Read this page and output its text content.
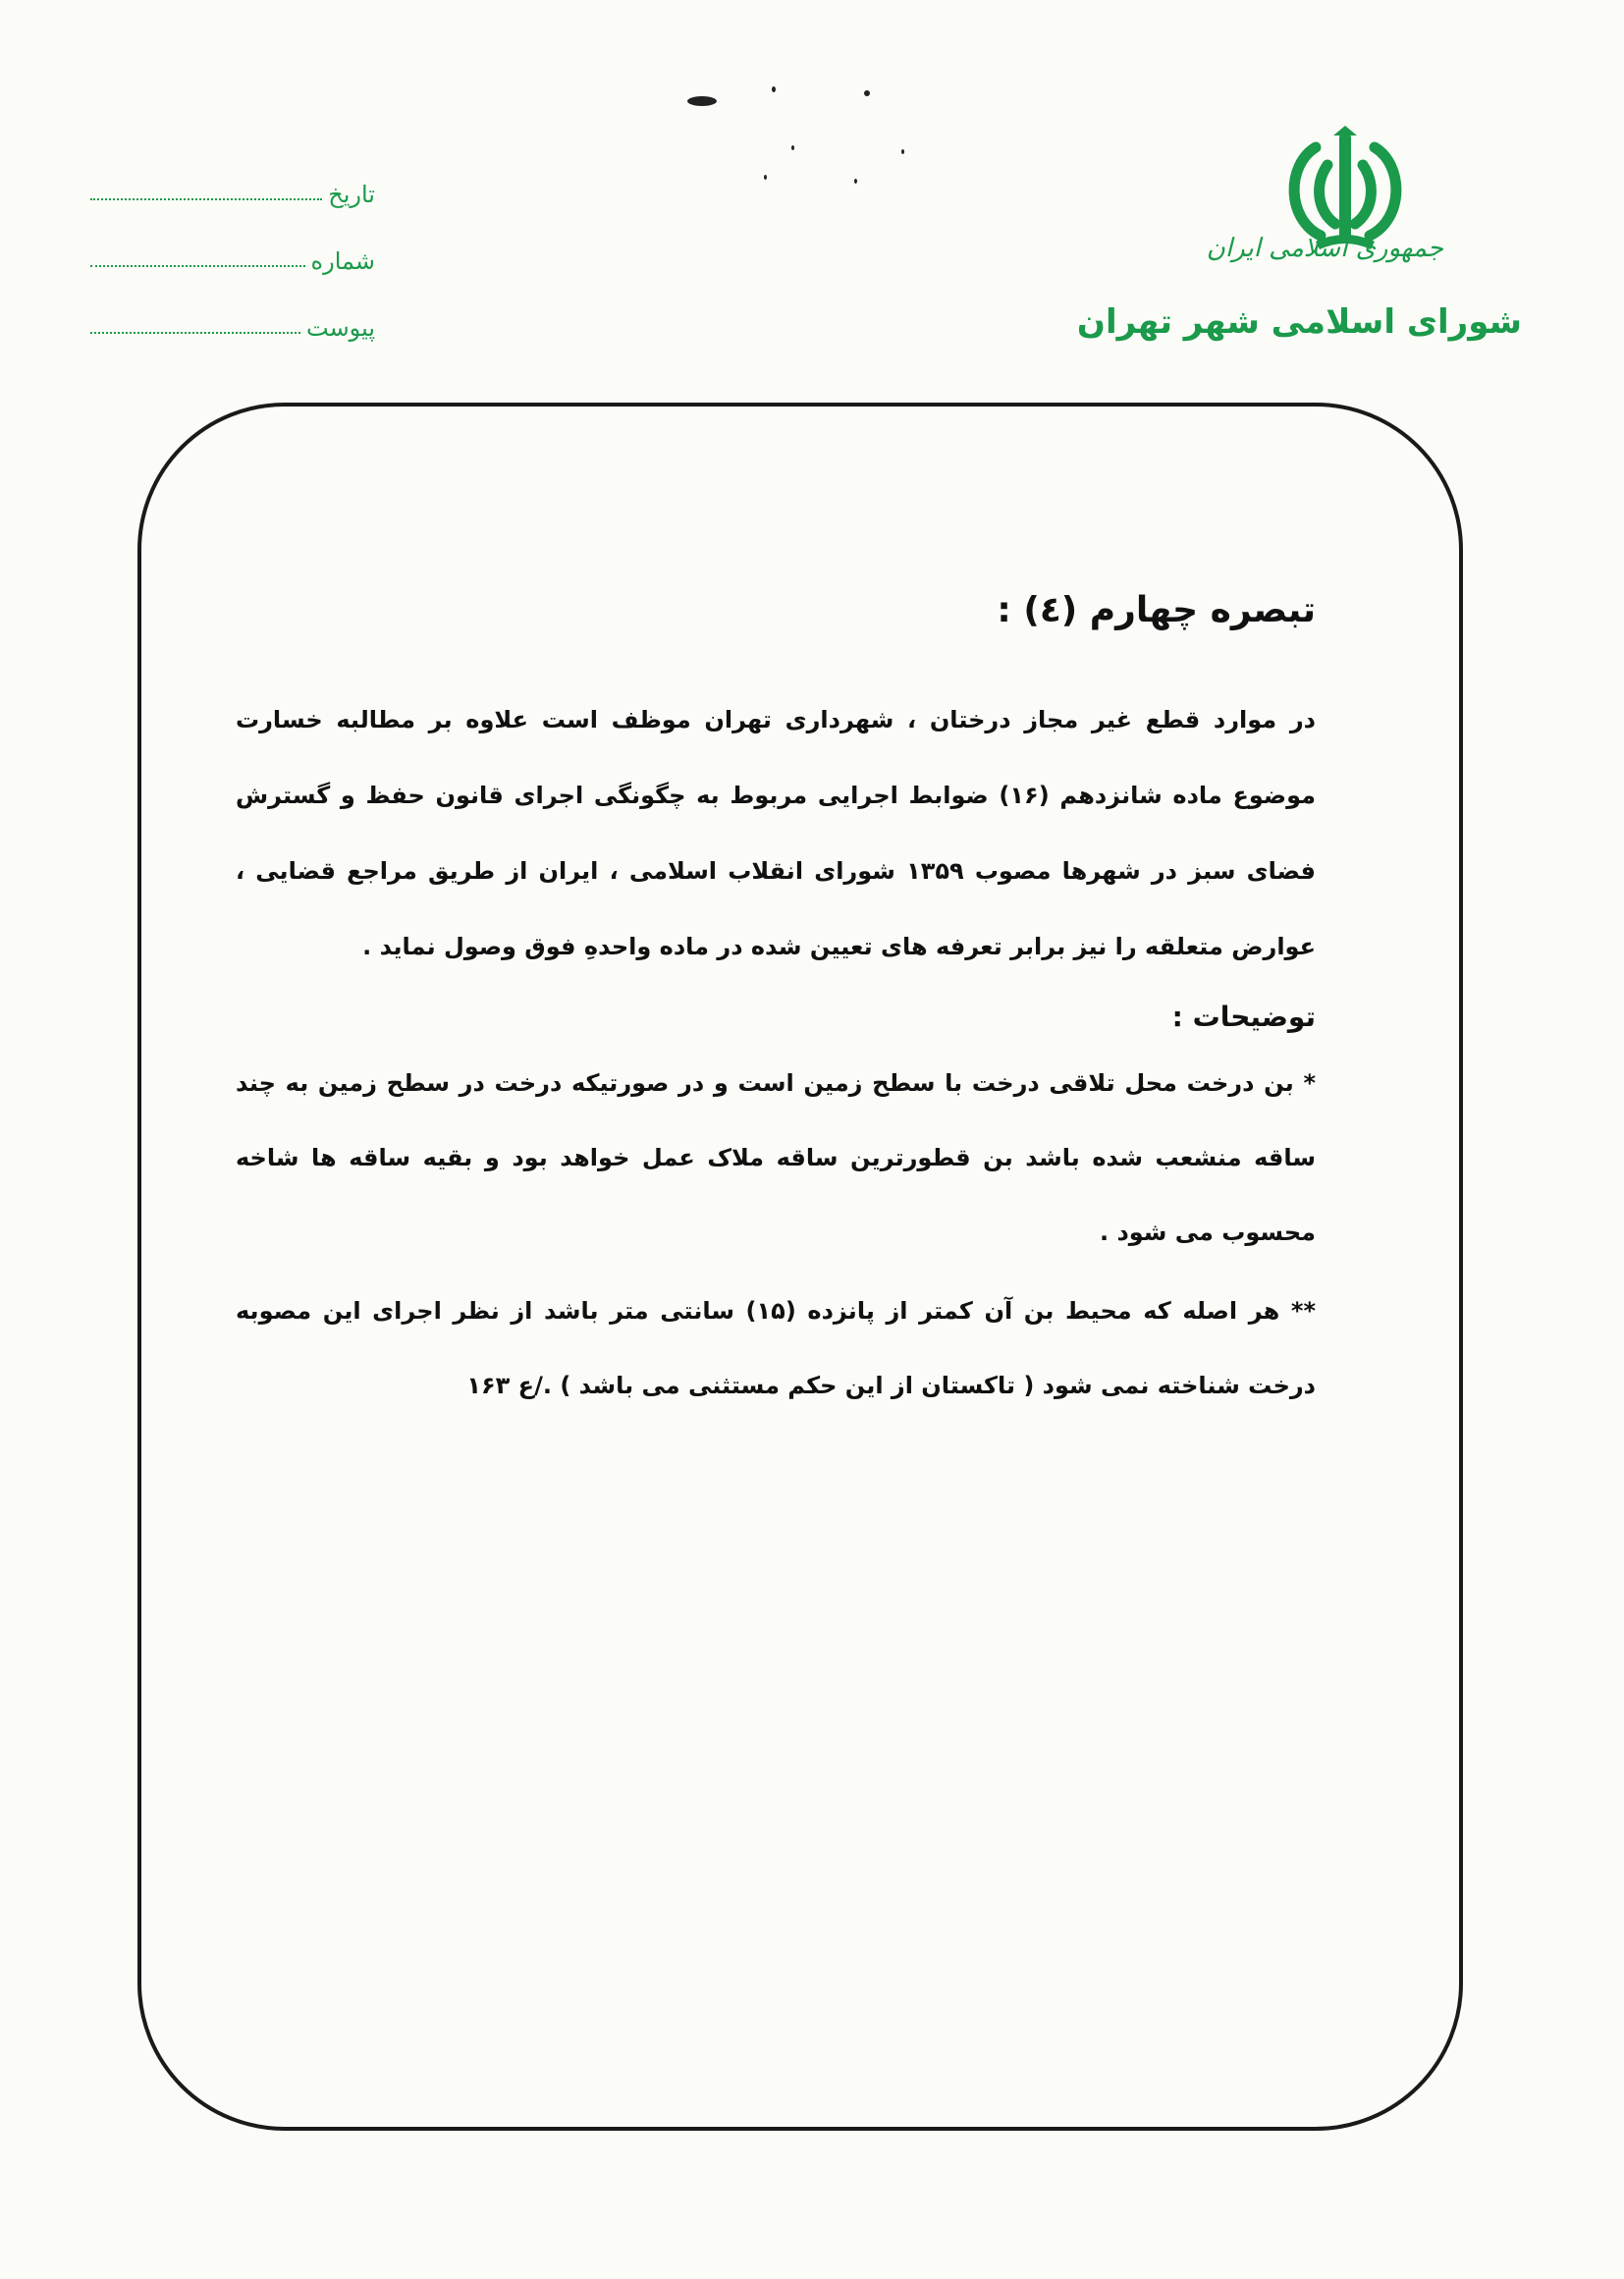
جمهوری اسلامی ایران
شورای اسلامی شهر تهران
تاریخ
شماره
پیوست
تبصره چهارم (٤) :

در موارد قطع غیر مجاز درختان ، شهرداری تهران موظف است علاوه بر مطالبه خسارت موضوع ماده شانزدهم (۱۶) ضوابط اجرایی مربوط به چگونگی اجرای قانون حفظ و گسترش فضای سبز در شهرها مصوب ۱۳۵۹ شورای انقلاب اسلامی ، ایران از طریق مراجع قضایی ، عوارض متعلقه را نیز برابر تعرفه های تعیین شده در ماده واحدهِ فوق وصول نماید .

توضیحات :

* بن درخت محل تلاقی درخت با سطح زمین است و در صورتیکه درخت در سطح زمین به چند ساقه منشعب شده باشد بن قطورترین ساقه ملاک عمل خواهد بود و بقیه ساقه ها شاخه محسوب می شود .

** هر اصله که محیط بن آن کمتر از پانزده (۱۵) سانتی متر باشد از نظر اجرای این مصوبه درخت شناخته نمی شود ( تاکستان از این حکم مستثنی می باشد ) ./ع ۱۶۳
